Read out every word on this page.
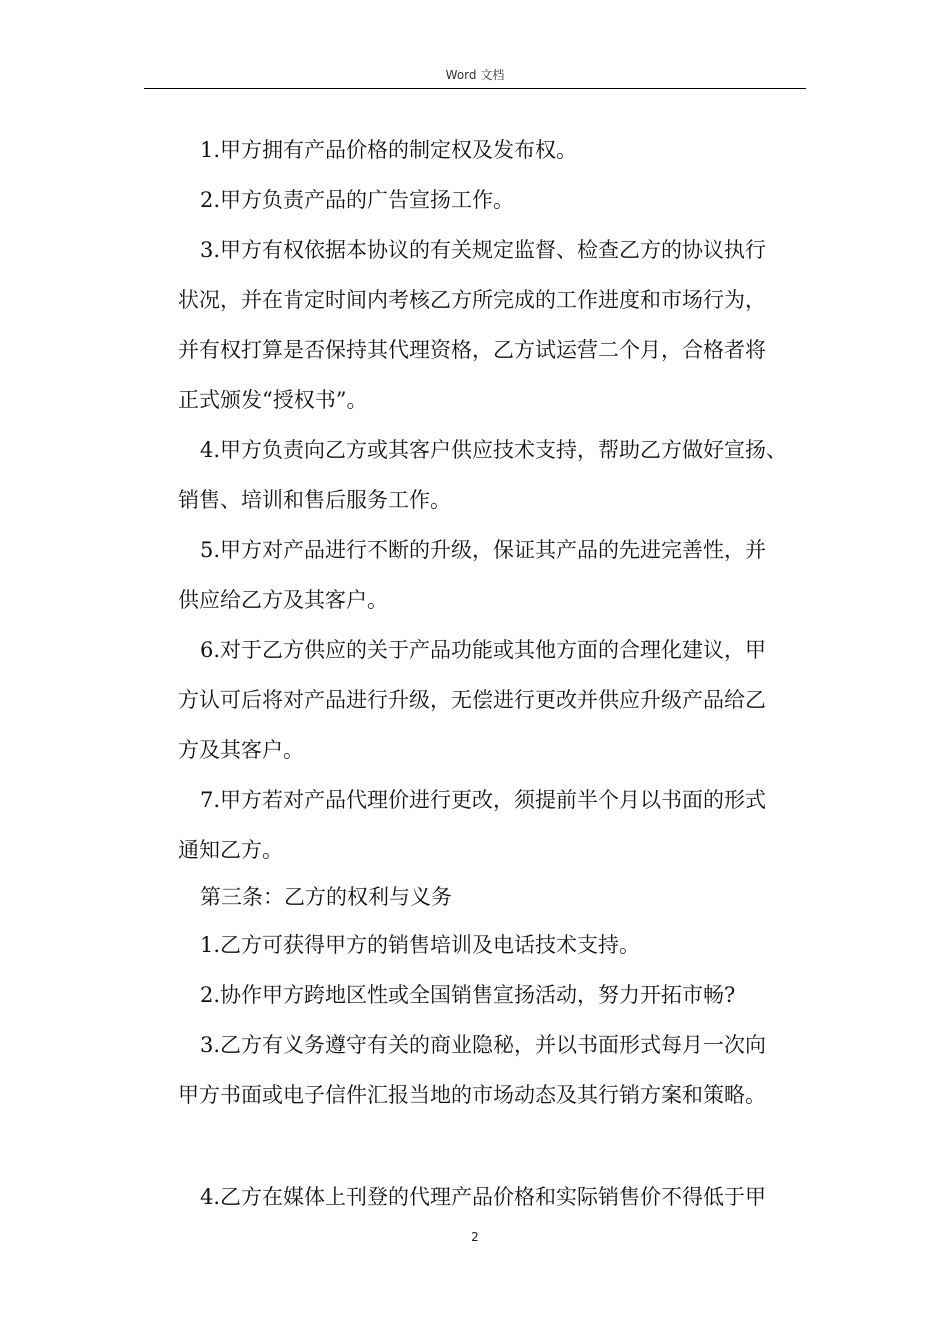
Word 文档
1.甲方拥有产品价格的制定权及发布权。
2.甲方负责产品的广告宣扬工作。
3.甲方有权依据本协议的有关规定监督、检查乙方的协议执行
状况，并在肯定时间内考核乙方所完成的工作进度和市场行为，
并有权打算是否保持其代理资格，乙方试运营二个月，合格者将
正式颁发“授权书”。
4.甲方负责向乙方或其客户供应技术支持，帮助乙方做好宣扬、
销售、培训和售后服务工作。
5.甲方对产品进行不断的升级，保证其产品的先进完善性，并
供应给乙方及其客户。
6.对于乙方供应的关于产品功能或其他方面的合理化建议，甲
方认可后将对产品进行升级，无偿进行更改并供应升级产品给乙
方及其客户。
7.甲方若对产品代理价进行更改，须提前半个月以书面的形式
通知乙方。
第三条：乙方的权利与义务
1.乙方可获得甲方的销售培训及电话技术支持。
2.协作甲方跨地区性或全国销售宣扬活动，努力开拓市畅?
3.乙方有义务遵守有关的商业隐秘，并以书面形式每月一次向
甲方书面或电子信件汇报当地的市场动态及其行销方案和策略。
4.乙方在媒体上刊登的代理产品价格和实际销售价不得低于甲
2
